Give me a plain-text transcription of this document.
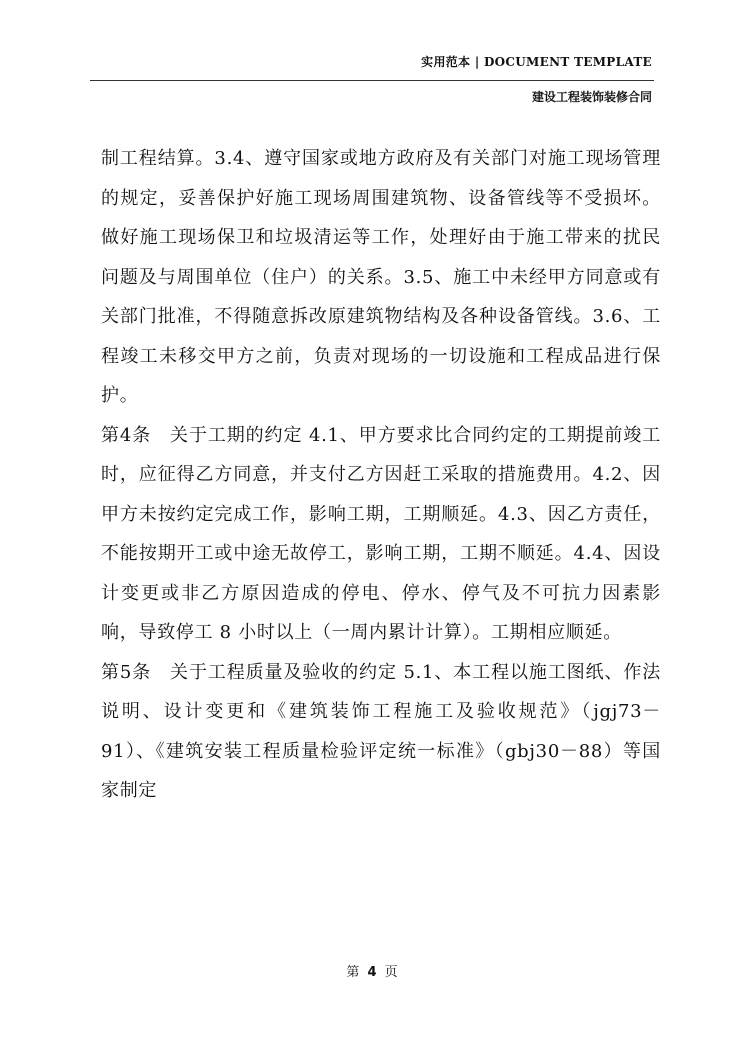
实用范本 | DOCUMENT TEMPLATE
建设工程装饰装修合同

制工程结算。3.4、遵守国家或地方政府及有关部门对施工现场管理的规定，妥善保护好施工现场周围建筑物、设备管线等不受损坏。做好施工现场保卫和垃圾清运等工作，处理好由于施工带来的扰民问题及与周围单位（住户）的关系。3.5、施工中未经甲方同意或有关部门批准，不得随意拆改原建筑物结构及各种设备管线。3.6、工程竣工未移交甲方之前，负责对现场的一切设施和工程成品进行保护。

第4条　关于工期的约定 4.1、甲方要求比合同约定的工期提前竣工时，应征得乙方同意，并支付乙方因赶工采取的措施费用。4.2、因甲方未按约定完成工作，影响工期，工期顺延。4.3、因乙方责任，不能按期开工或中途无故停工，影响工期，工期不顺延。4.4、因设计变更或非乙方原因造成的停电、停水、停气及不可抗力因素影响，导致停工 8 小时以上（一周内累计计算）。工期相应顺延。

第5条　关于工程质量及验收的约定 5.1、本工程以施工图纸、作法说明、设计变更和《建筑装饰工程施工及验收规范》（jgj73－91）、《建筑安装工程质量检验评定统一标准》（gbj30－88）等国家制定

第 4 页
